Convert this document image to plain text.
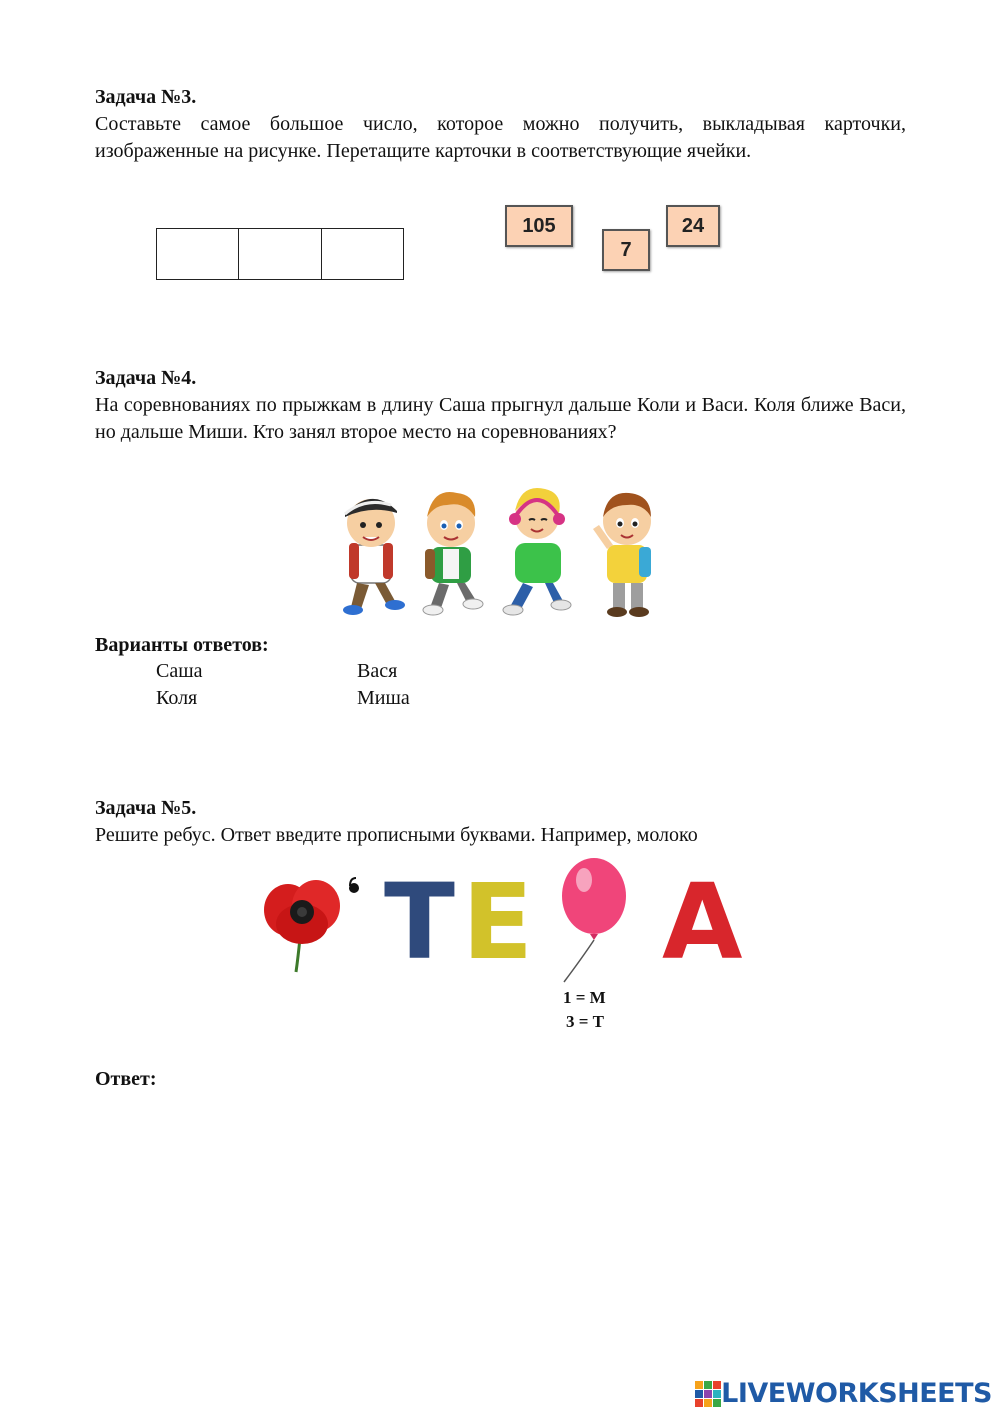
Задача №3.
Составьте самое большое число, которое можно получить, выкладывая карточки, изображенные на рисунке. Перетащите карточки в соответствующие ячейки.
105
7
24
Задача №4.
На соревнованиях по прыжкам в длину Саша прыгнул дальше Коли и Васи. Коля ближе Васи, но дальше Миши. Кто занял второе место на соревнованиях?
Варианты ответов:
Саша	Вася
Коля	Миша
Задача №5.
Решите ребус. Ответ введите прописными буквами. Например, молоко
Т Е А
1 = М
3 = Т
Ответ:
LIVEWORKSHEETS
